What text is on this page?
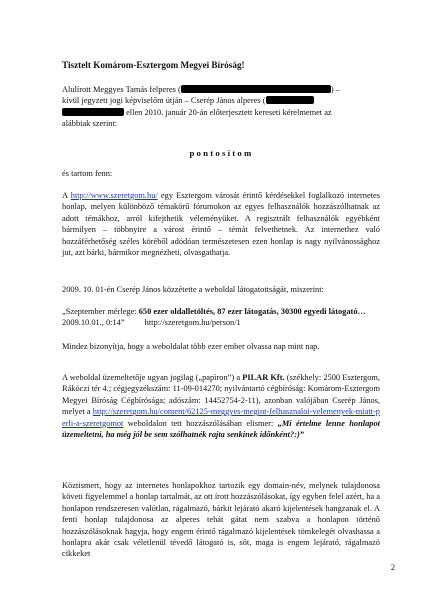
Tisztelt Komárom-Esztergom Megyei Bíróság!

Alulírott Meggyes Tamás felperes (	) –

kívül jegyzett jogi képviselőm útján – Cserép János alperes (

ellen 2010. január 20-án előterjesztett kereseti kérelmemet az

alábbiak szerint:

pontosítom

és tartom fenn:

A http://www.szeretgom.hu/ egy Esztergom városát érintő kérdésekkel foglalkozó internetes honlap, melyen különböző témakörű fórumokon az egyes felhasználók hozzászólhatnak az adott témákhoz, arról kifejthetik véleményüket. A regisztrált felhasználók egyébként bármilyen – többnyire a várost érintő – témát felvethetnek. Az internethez való hozzáférhetőség széles köréből adódóan természetesen ezen honlap is nagy nyilvánossághoz jut, azt bárki, bármikor megnézheti, olvasgathatja.

2009. 10. 01-én Cserép János közzétette a weboldal látogatottságát, miszerint:

„Szeptember mérlege: 650 ezer oldalletöltés, 87 ezer látogatás, 30300 egyedi látogató… 2009.10.01., 0:14” http://szeretgom.hu/person/1

Mindez bizonyítja, hogy a weboldalat több ezer ember olvassa nap mint nap.

A weboldal üzemeltetője ugyan jogilag („papíron”) a PILAR Kft. (székhely: 2500 Esztergom, Rákóczi tér 4.; cégjegyzékszám: 11-09-014270; nyilvántartó cégbíróság: Komárom-Esztergom Megyei Bíróság Cégbírósága; adószám: 14452754-2-11), azonban valójában Cserép János, melyet a http://szeretgom.hu/content/62125-meggyes-megint-felhasznaloi-velemenyek-miatt-perli-a-szeretgomot weboldalon tett hozzászólásában elismer: „Mi értelme lenne honlapot üzemeltetni, ha még jól be sem szólhatnék rajta senkinek időnként?:)”

Köztismert, hogy az internetes honlapokhoz tartozik egy domain-név, melynek tulajdonosa követi figyelemmel a honlap tartalmát, az ott írott hozzászólásokat, így egyben felel azért, ha a honlapon rendszeresen valótlan, rágalmazó, bárkit lejárató akaró kijelentések hangzanak el. A fenti honlap tulajdonosa az alperes tehát gátat nem szabva a honlapon történő hozzászólásoknak hagyja, hogy engem érintő rágalmazó kijelentések tömkelegét olvashassa a honlapra akár csak véletlenül tévedő látogató is, sőt, maga is engem lejárató, rágalmazó cikkeket

2
